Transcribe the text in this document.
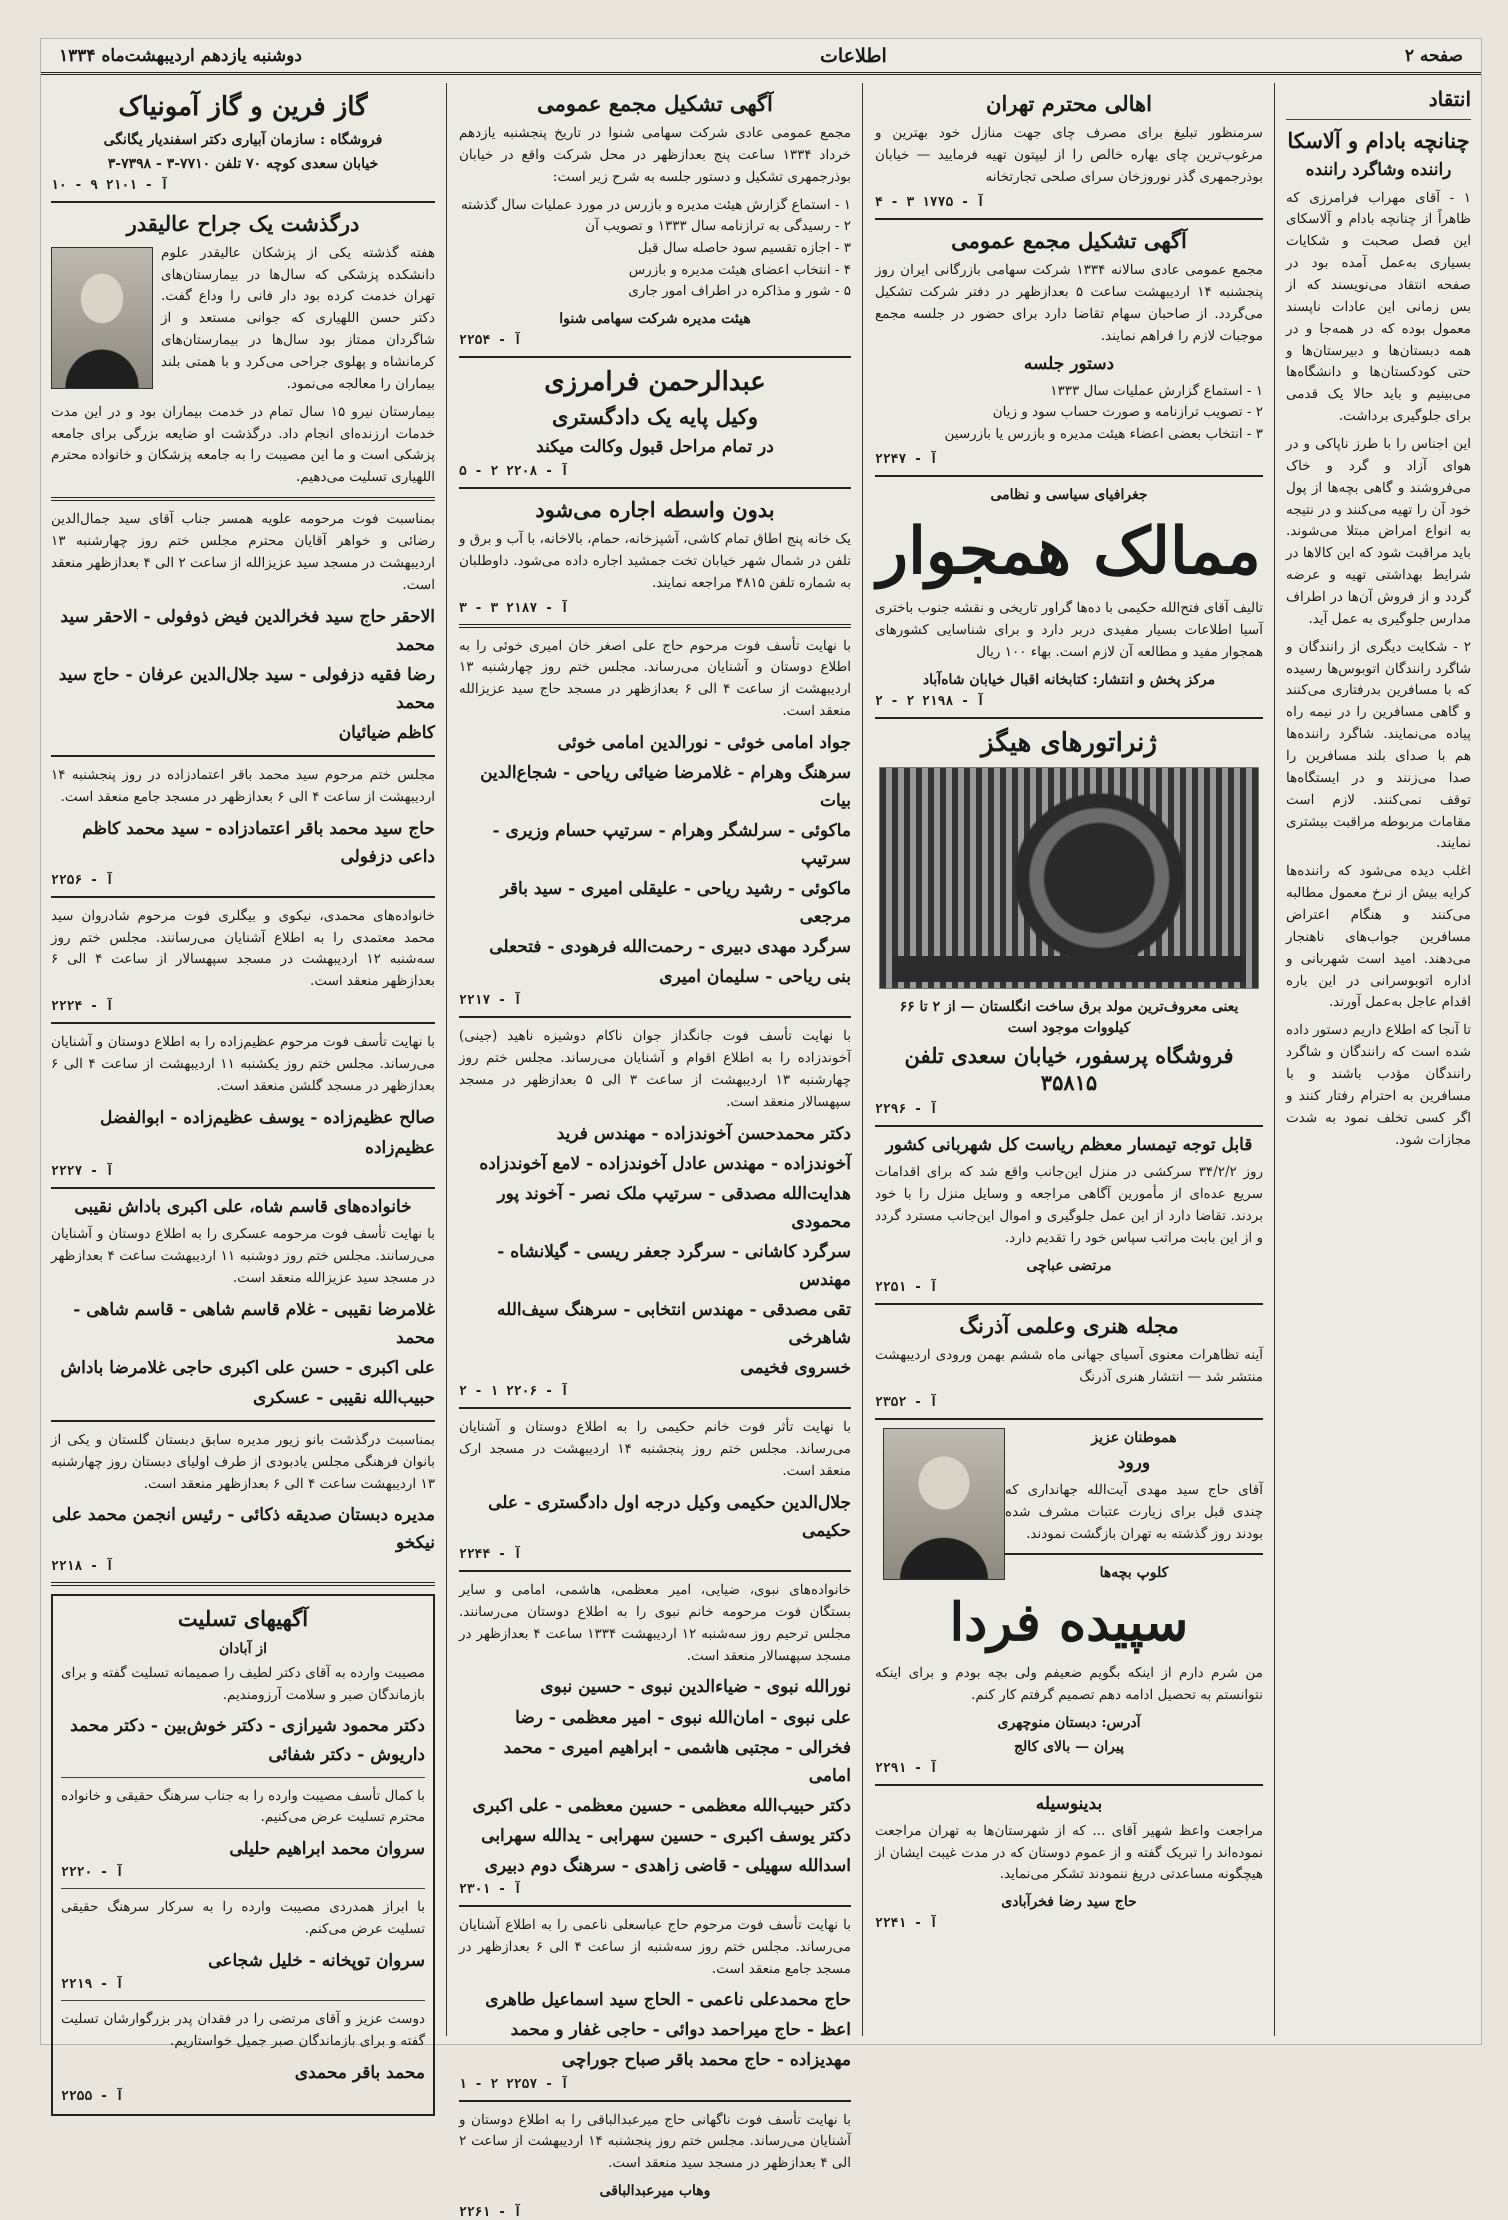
صفحه ۲
اطلاعات
دوشنبه یازدهم اردیبهشت‌ماه ۱۳۳۴
انتقاد
چنانچه بادام و آلاسکا
راننده وشاگرد راننده

۱ - آقای مهراب فرامرزی که ظاهراً از چنانچه بادام و آلاسکای این فصل صحبت و شکایات بسیاری به‌عمل آمده بود در صفحه انتقاد می‌نویسند که از بس زمانی این عادات ناپسند معمول بوده که در همه‌جا و در همه دبستان‌ها و دبیرستان‌ها و حتی کودکستان‌ها و دانشگاه‌ها می‌بینیم و باید حالا یک قدمی برای جلوگیری برداشت.

این اجناس را با طرز ناپاکی و در هوای آزاد و گرد و خاک می‌فروشند و گاهی بچه‌ها از پول خود آن را تهیه می‌کنند و در نتیجه به انواع امراض مبتلا می‌شوند. باید مراقبت شود که این کالاها در شرایط بهداشتی تهیه و عرضه گردد و از فروش آن‌ها در اطراف مدارس جلوگیری به عمل آید.

۲ - شکایت دیگری از رانندگان و شاگرد رانندگان اتوبوس‌ها رسیده که با مسافرین بدرفتاری می‌کنند و گاهی مسافرین را در نیمه راه پیاده می‌نمایند. شاگرد راننده‌ها هم با صدای بلند مسافرین را صدا می‌زنند و در ایستگاه‌ها توقف نمی‌کنند. لازم است مقامات مربوطه مراقبت بیشتری نمایند.

اغلب دیده می‌شود که راننده‌ها کرایه بیش از نرخ معمول مطالبه می‌کنند و هنگام اعتراض مسافرین جواب‌های ناهنجار می‌دهند. امید است شهربانی و اداره اتوبوسرانی در این باره اقدام عاجل به‌عمل آورند.

تا آنجا که اطلاع داریم دستور داده شده است که رانندگان و شاگرد رانندگان مؤدب باشند و با مسافرین به احترام رفتار کنند و اگر کسی تخلف نمود به شدت مجازات شود.

اهالی محترم تهران

سرمنظور تبلیغ برای مصرف چای جهت منازل خود بهترین و مرغوب‌ترین چای بهاره‌ خالص را از لیپتون تهیه فرمایید — خیابان بوذرجمهری گذر نوروزخان سرای صلحی تجارتخانه

آ - ۱۷۷۵ ۳ - ۴
آگهی تشکیل مجمع عمومی

مجمع عمومی عادی سالانه ۱۳۳۴ شرکت سهامی بازرگانی ایران روز پنجشنبه ۱۴ اردیبهشت ساعت ۵ بعدازظهر در دفتر شرکت تشکیل می‌گردد. از صاحبان سهام تقاضا دارد برای حضور در جلسه مجمع موجبات لازم را فراهم نمایند.

دستور جلسه
۱ - استماع گزارش عملیات سال ۱۳۳۳
۲ - تصویب ترازنامه و صورت حساب سود و زیان
۳ - انتخاب بعضی اعضاء هیئت مدیره و بازرس یا بازرسین
آ - ۲۲۴۷
جغرافیای سیاسی و نظامی
ممالک همجوار

تالیف آقای فتح‌الله حکیمی با ده‌ها گراور تاریخی و نقشه جنوب باختری آسیا اطلاعات بسیار مفیدی دربر دارد و برای شناسایی کشورهای همجوار مفید و مطالعه آن لازم است. بهاء ۱۰۰ ریال

مرکز پخش و انتشار: کتابخانه اقبال خیابان شاه‌آباد
آ - ۲۱۹۸ ۲ - ۲
ژنراتورهای هیگز
یعنی معروف‌ترین مولد برق ساخت انگلستان — از ۲ تا ۶۶ کیلووات موجود است
فروشگاه پرسفور، خیابان سعدی تلفن ۳۵۸۱۵
آ - ۲۲۹۶
قابل توجه تیمسار معظم ریاست کل شهربانی کشور

روز ۳۴/۲/۲ سرکشی در منزل این‌جانب واقع شد که برای اقدامات سریع عده‌ای از مأمورین آگاهی مراجعه و وسایل منزل را با خود بردند. تقاضا دارد از این عمل جلوگیری و اموال این‌جانب مسترد گردد و از این بابت مراتب سپاس خود را تقدیم دارد.

مرتضی عباچی
آ - ۲۲۵۱
مجله هنری وعلمی آذرنگ

آینه تظاهرات معنوی آسیای جهانی ماه ششم بهمن ورودی اردیبهشت منتشر شد — انتشار هنری آذرنگ

آ - ۲۳۵۲
هموطنان عزیز
ورود

آقای حاج سید مهدی آیت‌الله جهانداری که چندی قبل برای زیارت عتبات مشرف شده بودند روز گذشته به تهران بازگشت نمودند.

کلوپ بچه‌ها
سپیده فردا

من شرم دارم از اینکه بگویم ضعیفم ولی بچه بودم و برای اینکه نتوانستم به تحصیل ادامه دهم تصمیم گرفتم کار کنم.

آدرس: دبستان منوچهری
پیران — بالای کالج
آ - ۲۲۹۱
بدینوسیله

مراجعت واعظ شهیر آقای ... که از شهرستان‌ها به تهران مراجعت نموده‌اند را تبریک گفته و از عموم دوستان که در مدت غیبت ایشان از هیچگونه مساعدتی دریغ ننمودند تشکر می‌نماید.

حاج سید رضا فخرآبادی
آ - ۲۲۴۱
آگهی تشکیل مجمع عمومی

مجمع عمومی عادی شرکت سهامی شنوا در تاریخ پنجشنبه یازدهم خرداد ۱۳۳۴ ساعت پنج بعدازظهر در محل شرکت واقع در خیابان بوذرجمهری تشکیل و دستور جلسه به شرح زیر است:

۱ - استماع گزارش هیئت مدیره و بازرس در مورد عملیات سال گذشته
۲ - رسیدگی به ترازنامه سال ۱۳۳۳ و تصویب آن
۳ - اجازه تقسیم سود حاصله سال قبل
۴ - انتخاب اعضای هیئت مدیره و بازرس
۵ - شور و مذاکره در اطراف امور جاری
هیئت مدیره شرکت سهامی شنوا
آ - ۲۲۵۴
عبدالرحمن فرامرزی
وکیل پایه یک دادگستری
در تمام مراحل قبول وکالت میکند
آ - ۲۲۰۸ ۲ - ۵
بدون واسطه اجاره می‌شود

یک خانه پنج اطاق تمام کاشی، آشپزخانه، حمام، بالاخانه، با آب و برق و تلفن در شمال شهر خیابان تخت جمشید اجاره داده می‌شود. داوطلبان به شماره تلفن ۴۸۱۵ مراجعه نمایند.

آ - ۲۱۸۷ ۳ - ۳

با نهایت تأسف فوت مرحوم حاج علی اصغر خان امیری خوئی را به اطلاع دوستان و آشنایان می‌رساند. مجلس ختم روز چهارشنبه ۱۳ اردیبهشت از ساعت ۴ الی ۶ بعدازظهر در مسجد حاج سید عزیزالله منعقد است.

جواد امامی خوئی - نورالدین امامی خوئی
سرهنگ وهرام - غلامرضا ضیائی ریاحی - شجاع‌الدین بیات
ماکوئی - سرلشگر وهرام - سرتیپ حسام وزیری - سرتیپ
ماکوئی - رشید ریاحی - علیقلی امیری - سید باقر مرجعی
سرگرد مهدی دبیری - رحمت‌الله فرهودی - فتحعلی
بنی ریاحی - سلیمان امیری
آ - ۲۲۱۷

با نهایت تأسف فوت جانگداز جوان ناکام دوشیزه ناهید (جینی) آخوندزاده را به اطلاع اقوام و آشنایان می‌رساند. مجلس ختم روز چهارشنبه ۱۳ اردیبهشت از ساعت ۳ الی ۵ بعدازظهر در مسجد سپهسالار منعقد است.

دکتر محمدحسن آخوندزاده - مهندس فرید
آخوندزاده - مهندس عادل آخوندزاده - لامع آخوندزاده
هدایت‌الله مصدقی - سرتیپ ملک نصر - آخوند پور محمودی
سرگرد کاشانی - سرگرد جعفر ریسی - گیلانشاه - مهندس
تقی مصدقی - مهندس انتخابی - سرهنگ سیف‌الله شاهرخی
خسروی فخیمی
آ - ۲۲۰۶ ۱ - ۲

با نهایت تأثر فوت خانم حکیمی را به اطلاع دوستان و آشنایان می‌رساند. مجلس ختم روز پنجشنبه ۱۴ اردیبهشت در مسجد ارک منعقد است.

جلال‌الدین حکیمی وکیل درجه اول دادگستری - علی حکیمی
آ - ۲۲۴۴

خانواده‌های نبوی، ضیایی، امیر معظمی، هاشمی، امامی و سایر بستگان فوت مرحومه خانم نبوی را به اطلاع دوستان می‌رسانند. مجلس ترحیم روز سه‌شنبه ۱۲ اردیبهشت ۱۳۳۴ ساعت ۴ بعدازظهر در مسجد سپهسالار منعقد است.

نورالله نبوی - ضیاءالدین نبوی - حسین نبوی
علی نبوی - امان‌الله نبوی - امیر معظمی - رضا
فخرالی - مجتبی هاشمی - ابراهیم امیری - محمد امامی
دکتر حبیب‌الله معظمی - حسین معظمی - علی اکبری
دکتر یوسف اکبری - حسین سهرابی - یدالله سهرابی
اسدالله سهیلی - قاضی زاهدی - سرهنگ دوم دبیری
آ - ۲۳۰۱

با نهایت تأسف فوت مرحوم حاج عباسعلی ناعمی را به اطلاع آشنایان می‌رساند. مجلس ختم روز سه‌شنبه از ساعت ۴ الی ۶ بعدازظهر در مسجد جامع منعقد است.

حاج محمدعلی ناعمی - الحاج سید اسماعیل طاهری
اعظ - حاج میراحمد دوائی - حاجی غفار و محمد
مهدیزاده - حاج محمد باقر صباح جوراچی
آ - ۲۲۵۷ ۲ - ۱

با نهایت تأسف فوت ناگهانی حاج میرعبدالباقی را به اطلاع دوستان و آشنایان می‌رساند. مجلس ختم روز پنجشنبه ۱۴ اردیبهشت از ساعت ۲ الی ۴ بعدازظهر در مسجد سید منعقد است.

وهاب میرعبدالباقی
آ - ۲۲۶۱
گاز فرین و گاز آمونیاک
فروشگاه : سازمان آبیاری دکتر اسفندیار یگانگی
خیابان سعدی کوچه ۷۰ تلفن ۷۷۱۰-۳ - ۷۳۹۸-۳
آ - ۲۱۰۱ ۹ - ۱۰
درگذشت یک جراح عالیقدر

هفته گذشته یکی از پزشکان عالیقدر علوم دانشکده پزشکی که سال‌ها در بیمارستان‌های تهران خدمت کرده بود دار فانی را وداع گفت. دکتر حسن اللهیاری که جوانی مستعد و از شاگردان ممتاز بود سال‌ها در بیمارستان‌های کرمانشاه و پهلوی جراحی می‌کرد و با همتی بلند بیماران را معالجه می‌نمود.

بیمارستان نیرو ۱۵ سال تمام در خدمت بیماران بود و در این مدت خدمات ارزنده‌ای انجام داد. درگذشت او ضایعه بزرگی برای جامعه پزشکی است و ما این مصیبت را به جامعه پزشکان و خانواده محترم اللهیاری تسلیت می‌دهیم.

بمناسبت فوت مرحومه علویه همسر جناب آقای سید جمال‌الدین رضائی و خواهر آقایان محترم مجلس ختم روز چهارشنبه ۱۳ اردیبهشت در مسجد سید عزیزالله از ساعت ۲ الی ۴ بعدازظهر منعقد است.

الاحقر حاج سید فخرالدین فیض ذوفولی - الاحقر سید محمد
رضا فقیه دزفولی - سید جلال‌الدین عرفان - حاج سید محمد
کاظم ضیائیان

مجلس ختم مرحوم سید محمد باقر اعتمادزاده در روز پنجشنبه ۱۴ اردیبهشت از ساعت ۴ الی ۶ بعدازظهر در مسجد جامع منعقد است.

حاج سید محمد باقر اعتمادزاده - سید محمد کاظم داعی دزفولی
آ - ۲۲۵۶

خانواده‌های محمدی، نیکوی و بیگلری فوت مرحوم شادروان سید محمد معتمدی را به اطلاع آشنایان می‌رسانند. مجلس ختم روز سه‌شنبه ۱۲ اردیبهشت در مسجد سپهسالار از ساعت ۴ الی ۶ بعدازظهر منعقد است.

آ - ۲۲۲۴

با نهایت تأسف فوت مرحوم عظیم‌زاده را به اطلاع دوستان و آشنایان می‌رساند. مجلس ختم روز یکشنبه ۱۱ اردیبهشت از ساعت ۴ الی ۶ بعدازظهر در مسجد گلشن منعقد است.

صالح عظیم‌زاده - یوسف عظیم‌زاده - ابوالفضل
عظیم‌زاده
آ - ۲۲۲۷
خانواده‌های قاسم شاه، علی اکبری باداش نقیبی

با نهایت تأسف فوت مرحومه عسکری را به اطلاع دوستان و آشنایان می‌رسانند. مجلس ختم روز دوشنبه ۱۱ اردیبهشت ساعت ۴ بعدازظهر در مسجد سید عزیزالله منعقد است.

غلامرضا نقیبی - غلام قاسم شاهی - قاسم شاهی - محمد
علی اکبری - حسن علی اکبری حاجی غلامرضا باداش
حبیب‌الله نقیبی - عسکری

بمناسبت درگذشت بانو زیور مدیره سابق دبستان گلستان و یکی از بانوان فرهنگی مجلس یادبودی از طرف اولیای دبستان روز چهارشنبه ۱۳ اردیبهشت ساعت ۴ الی ۶ بعدازظهر منعقد است.

مدیره دبستان صدیقه ذکائی - رئیس انجمن محمد علی نیکخو
آ - ۲۲۱۸
آگهیهای تسلیت
از آبادان

مصیبت وارده به آقای دکتر لطیف را صمیمانه تسلیت گفته و برای بازماندگان صبر و سلامت آرزومندیم.

دکتر محمود شیرازی - دکتر خوش‌بین - دکتر محمد داریوش - دکتر شفائی

با کمال تأسف مصیبت وارده را به جناب سرهنگ حقیقی و خانواده محترم تسلیت عرض می‌کنیم.

سروان محمد ابراهیم حلیلی
آ - ۲۲۲۰

با ابراز همدردی مصیبت وارده را به سرکار سرهنگ حقیقی تسلیت عرض می‌کنم.

سروان توپخانه - خلیل شجاعی
آ - ۲۲۱۹

دوست عزیز و آقای مرتضی را در فقدان پدر بزرگوارشان تسلیت گفته و برای بازماندگان صبر جمیل خواستاریم.

محمد باقر محمدی
آ - ۲۲۵۵
